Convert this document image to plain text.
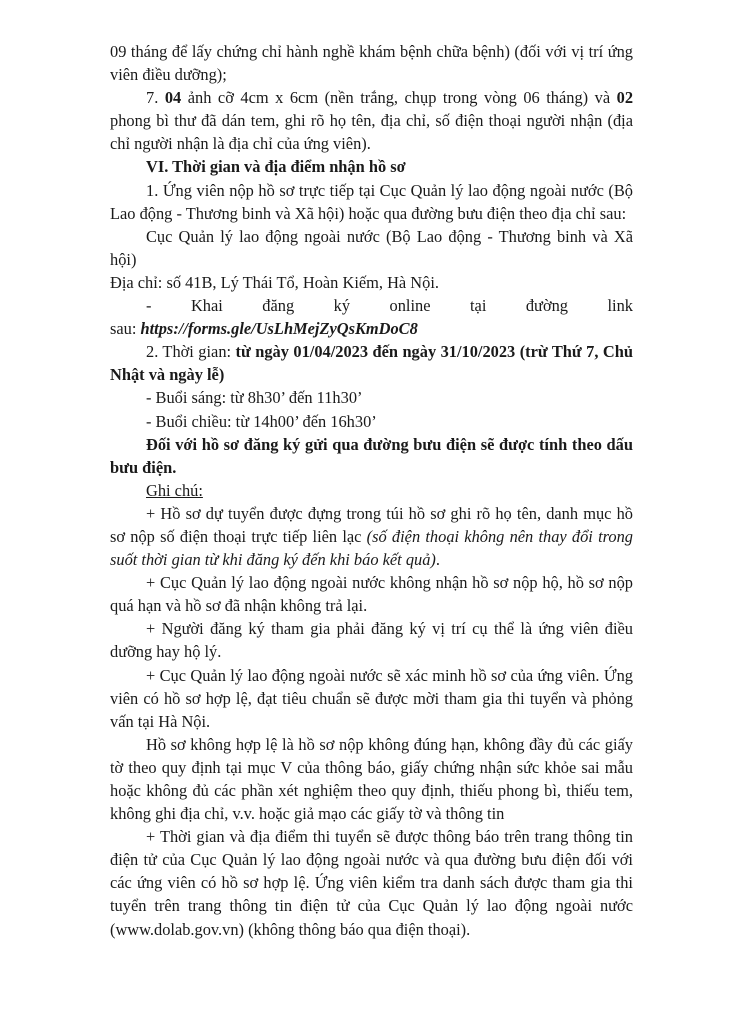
09 tháng để lấy chứng chỉ hành nghề khám bệnh chữa bệnh) (đối với vị trí ứng viên điều dưỡng);

7. 04 ảnh cỡ 4cm x 6cm (nền trắng, chụp trong vòng 06 tháng) và 02 phong bì thư đã dán tem, ghi rõ họ tên, địa chỉ, số điện thoại người nhận (địa chỉ người nhận là địa chỉ của ứng viên).

VI. Thời gian và địa điểm nhận hồ sơ

1. Ứng viên nộp hồ sơ trực tiếp tại Cục Quản lý lao động ngoài nước (Bộ Lao động - Thương binh và Xã hội) hoặc qua đường bưu điện theo địa chỉ sau:

Cục Quản lý lao động ngoài nước (Bộ Lao động - Thương binh và Xã hội)

Địa chỉ: số 41B, Lý Thái Tổ, Hoàn Kiếm, Hà Nội.

- Khai đăng ký online tại đường link

sau: https://forms.gle/UsLhMejZyQsKmDoC8

2. Thời gian: từ ngày 01/04/2023 đến ngày 31/10/2023 (trừ Thứ 7, Chủ Nhật và ngày lễ)

- Buổi sáng: từ 8h30’ đến 11h30’

- Buổi chiều: từ 14h00’ đến 16h30’

Đối với hồ sơ đăng ký gửi qua đường bưu điện sẽ được tính theo dấu bưu điện.

Ghi chú:

+ Hồ sơ dự tuyển được đựng trong túi hồ sơ ghi rõ họ tên, danh mục hồ sơ nộp số điện thoại trực tiếp liên lạc (số điện thoại không nên thay đổi trong suốt thời gian từ khi đăng ký đến khi báo kết quả).

+ Cục Quản lý lao động ngoài nước không nhận hồ sơ nộp hộ, hồ sơ nộp quá hạn và hồ sơ đã nhận không trả lại.

+ Người đăng ký tham gia phải đăng ký vị trí cụ thể là ứng viên điều dưỡng hay hộ lý.

+ Cục Quản lý lao động ngoài nước sẽ xác minh hồ sơ của ứng viên. Ứng viên có hồ sơ hợp lệ, đạt tiêu chuẩn sẽ được mời tham gia thi tuyển và phỏng vấn tại Hà Nội.

Hồ sơ không hợp lệ là hồ sơ nộp không đúng hạn, không đầy đủ các giấy tờ theo quy định tại mục V của thông báo, giấy chứng nhận sức khỏe sai mẫu hoặc không đủ các phần xét nghiệm theo quy định, thiếu phong bì, thiếu tem, không ghi địa chỉ, v.v. hoặc giả mạo các giấy tờ và thông tin

+ Thời gian và địa điểm thi tuyển sẽ được thông báo trên trang thông tin điện tử của Cục Quản lý lao động ngoài nước và qua đường bưu điện đối với các ứng viên có hồ sơ hợp lệ. Ứng viên kiểm tra danh sách được tham gia thi tuyển trên trang thông tin điện tử của Cục Quản lý lao động ngoài nước (www.dolab.gov.vn) (không thông báo qua điện thoại).
